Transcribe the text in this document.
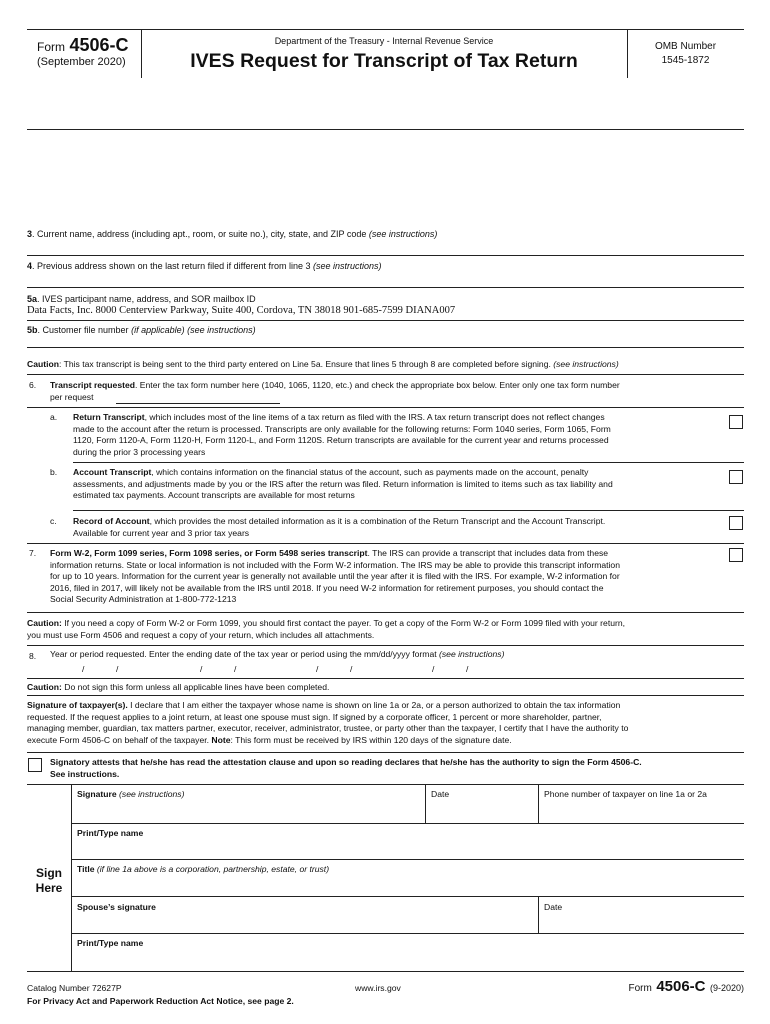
Form 4506-C
(September 2020)
Department of the Treasury - Internal Revenue Service
IVES Request for Transcript of Tax Return
OMB Number
1545-1872
3. Current name, address (including apt., room, or suite no.), city, state, and ZIP code (see instructions)
4. Previous address shown on the last return filed if different from line 3 (see instructions)
5a. IVES participant name, address, and SOR mailbox ID
Data Facts, Inc. 8000 Centerview Parkway, Suite 400, Cordova, TN 38018 901-685-7599 DIANA007
5b. Customer file number (if applicable) (see instructions)
Caution: This tax transcript is being sent to the third party entered on Line 5a. Ensure that lines 5 through 8 are completed before signing. (see instructions)
6. Transcript requested. Enter the tax form number here (1040, 1065, 1120, etc.) and check the appropriate box below. Enter only one tax form number
per request
a. Return Transcript, which includes most of the line items of a tax return as filed with the IRS. A tax return transcript does not reflect changes
made to the account after the return is processed. Transcripts are only available for the following returns: Form 1040 series, Form 1065, Form
1120, Form 1120-A, Form 1120-H, Form 1120-L, and Form 1120S. Return transcripts are available for the current year and returns processed
during the prior 3 processing years
b. Account Transcript, which contains information on the financial status of the account, such as payments made on the account, penalty
assessments, and adjustments made by you or the IRS after the return was filed. Return information is limited to items such as tax liability and
estimated tax payments. Account transcripts are available for most returns
c. Record of Account, which provides the most detailed information as it is a combination of the Return Transcript and the Account Transcript.
Available for current year and 3 prior tax years
7. Form W-2, Form 1099 series, Form 1098 series, or Form 5498 series transcript. The IRS can provide a transcript that includes data from these
information returns. State or local information is not included with the Form W-2 information. The IRS may be able to provide this transcript information
for up to 10 years. Information for the current year is generally not available until the year after it is filed with the IRS. For example, W-2 information for
2016, filed in 2017, will likely not be available from the IRS until 2018. If you need W-2 information for retirement purposes, you should contact the
Social Security Administration at 1-800-772-1213
Caution: If you need a copy of Form W-2 or Form 1099, you should first contact the payer. To get a copy of the Form W-2 or Form 1099 filed with your return,
you must use Form 4506 and request a copy of your return, which includes all attachments.
8. Year or period requested. Enter the ending date of the tax year or period using the mm/dd/yyyy format (see instructions)
/	/	/	/	/	/	/	/
Caution: Do not sign this form unless all applicable lines have been completed.
Signature of taxpayer(s). I declare that I am either the taxpayer whose name is shown on line 1a or 2a, or a person authorized to obtain the tax information
requested. If the request applies to a joint return, at least one spouse must sign. If signed by a corporate officer, 1 percent or more shareholder, partner,
managing member, guardian, tax matters partner, executor, receiver, administrator, trustee, or party other than the taxpayer, I certify that I have the authority to
execute Form 4506-C on behalf of the taxpayer. Note: This form must be received by IRS within 120 days of the signature date.
Signatory attests that he/she has read the attestation clause and upon so reading declares that he/she has the authority to sign the Form 4506-C.
See instructions.
Sign
Here
Signature (see instructions)	Date	Phone number of taxpayer on line 1a or 2a
Print/Type name
Title (if line 1a above is a corporation, partnership, estate, or trust)
Spouse’s signature	Date
Print/Type name
Catalog Number 72627P	www.irs.gov	Form 4506-C (9-2020)
For Privacy Act and Paperwork Reduction Act Notice, see page 2.
